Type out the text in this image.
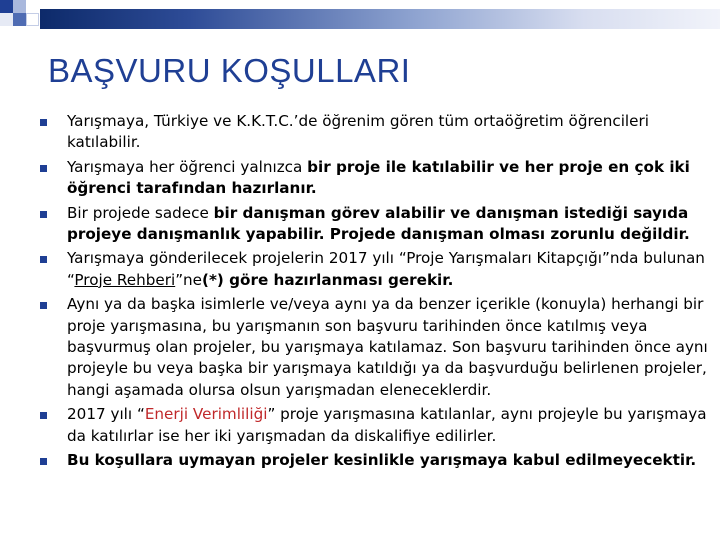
BAŞVURU KOŞULLARI
Yarışmaya, Türkiye ve K.K.T.C.’de öğrenim gören tüm ortaöğretim öğrencileri katılabilir.
Yarışmaya her öğrenci yalnızca bir proje ile katılabilir ve her proje en çok iki öğrenci tarafından hazırlanır.
Bir projede sadece bir danışman görev alabilir ve danışman istediği sayıda projeye danışmanlık yapabilir. Projede danışman olması zorunlu değildir.
Yarışmaya gönderilecek projelerin 2017 yılı “Proje Yarışmaları Kitapçığı”nda bulunan “Proje Rehberi”ne(*) göre hazırlanması gerekir.
Aynı ya da başka isimlerle ve/veya aynı ya da benzer içerikle (konuyla) herhangi bir proje yarışmasına, bu yarışmanın son başvuru tarihinden önce katılmış veya başvurmuş olan projeler, bu yarışmaya katılamaz. Son başvuru tarihinden önce aynı projeyle bu veya başka bir yarışmaya katıldığı ya da başvurduğu belirlenen projeler, hangi aşamada olursa olsun yarışmadan eleneceklerdir.
2017 yılı “Enerji Verimliliği” proje yarışmasına katılanlar, aynı projeyle bu yarışmaya da katılırlar ise her iki yarışmadan da diskalifiye edilirler.
Bu koşullara uymayan projeler kesinlikle yarışmaya kabul edilmeyecektir.
